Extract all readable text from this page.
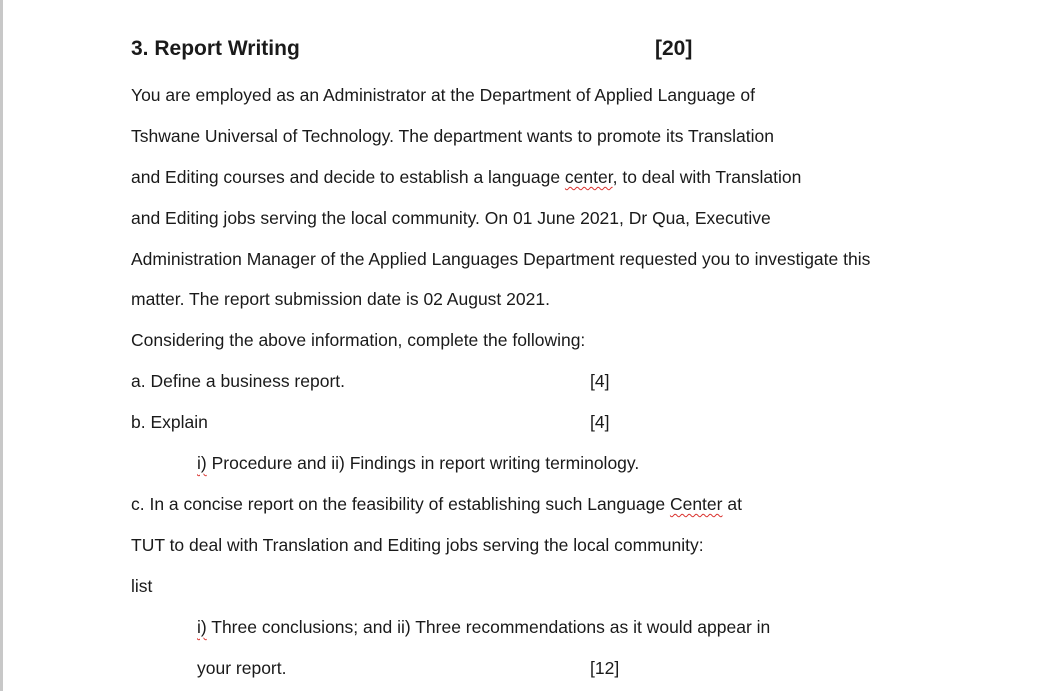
3. Report Writing	[20]
You are employed as an Administrator at the Department of Applied Language of
Tshwane Universal of Technology. The department wants to promote its Translation
and Editing courses and decide to establish a language center, to deal with Translation
and Editing jobs serving the local community. On 01 June 2021, Dr Qua, Executive
Administration Manager of the Applied Languages Department requested you to investigate this
matter. The report submission date is 02 August 2021.
Considering the above information, complete the following:
a. Define a business report.	[4]
b. Explain	[4]
i) Procedure and ii) Findings in report writing terminology.
c. In a concise report on the feasibility of establishing such Language Center at
TUT to deal with Translation and Editing jobs serving the local community:
list
i) Three conclusions; and ii) Three recommendations as it would appear in
your report.	[12]
